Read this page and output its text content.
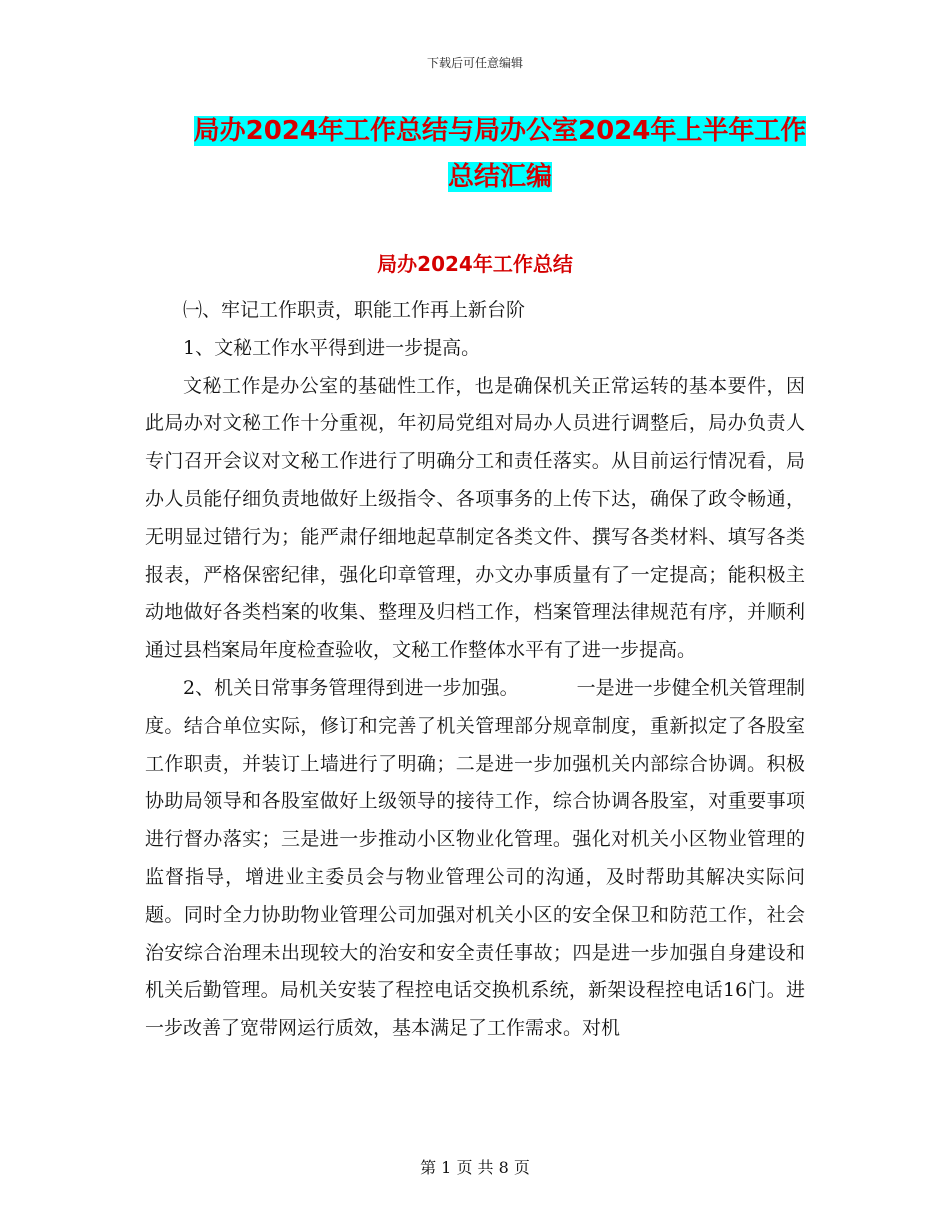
下载后可任意编辑
局办2024年工作总结与局办公室2024年上半年工作
总结汇编
局办2024年工作总结

㈠、牢记工作职责，职能工作再上新台阶

1、文秘工作水平得到进一步提高。

文秘工作是办公室的基础性工作，也是确保机关正常运转的基本要件，因此局办对文秘工作十分重视，年初局党组对局办人员进行调整后，局办负责人专门召开会议对文秘工作进行了明确分工和责任落实。从目前运行情况看，局办人员能仔细负责地做好上级指令、各项事务的上传下达，确保了政令畅通，无明显过错行为；能严肃仔细地起草制定各类文件、撰写各类材料、填写各类报表，严格保密纪律，强化印章管理，办文办事质量有了一定提高；能积极主动地做好各类档案的收集、整理及归档工作，档案管理法律规范有序，并顺利通过县档案局年度检查验收，文秘工作整体水平有了进一步提高。

2、机关日常事务管理得到进一步加强。	一是进一步健全机关管理制度。结合单位实际，修订和完善了机关管理部分规章制度，重新拟定了各股室工作职责，并装订上墙进行了明确；二是进一步加强机关内部综合协调。积极协助局领导和各股室做好上级领导的接待工作，综合协调各股室，对重要事项进行督办落实；三是进一步推动小区物业化管理。强化对机关小区物业管理的监督指导，增进业主委员会与物业管理公司的沟通，及时帮助其解决实际问题。同时全力协助物业管理公司加强对机关小区的安全保卫和防范工作，社会治安综合治理未出现较大的治安和安全责任事故；四是进一步加强自身建设和机关后勤管理。局机关安装了程控电话交换机系统，新架设程控电话16门。进一步改善了宽带网运行质效，基本满足了工作需求。对机

第 1 页 共 8 页
